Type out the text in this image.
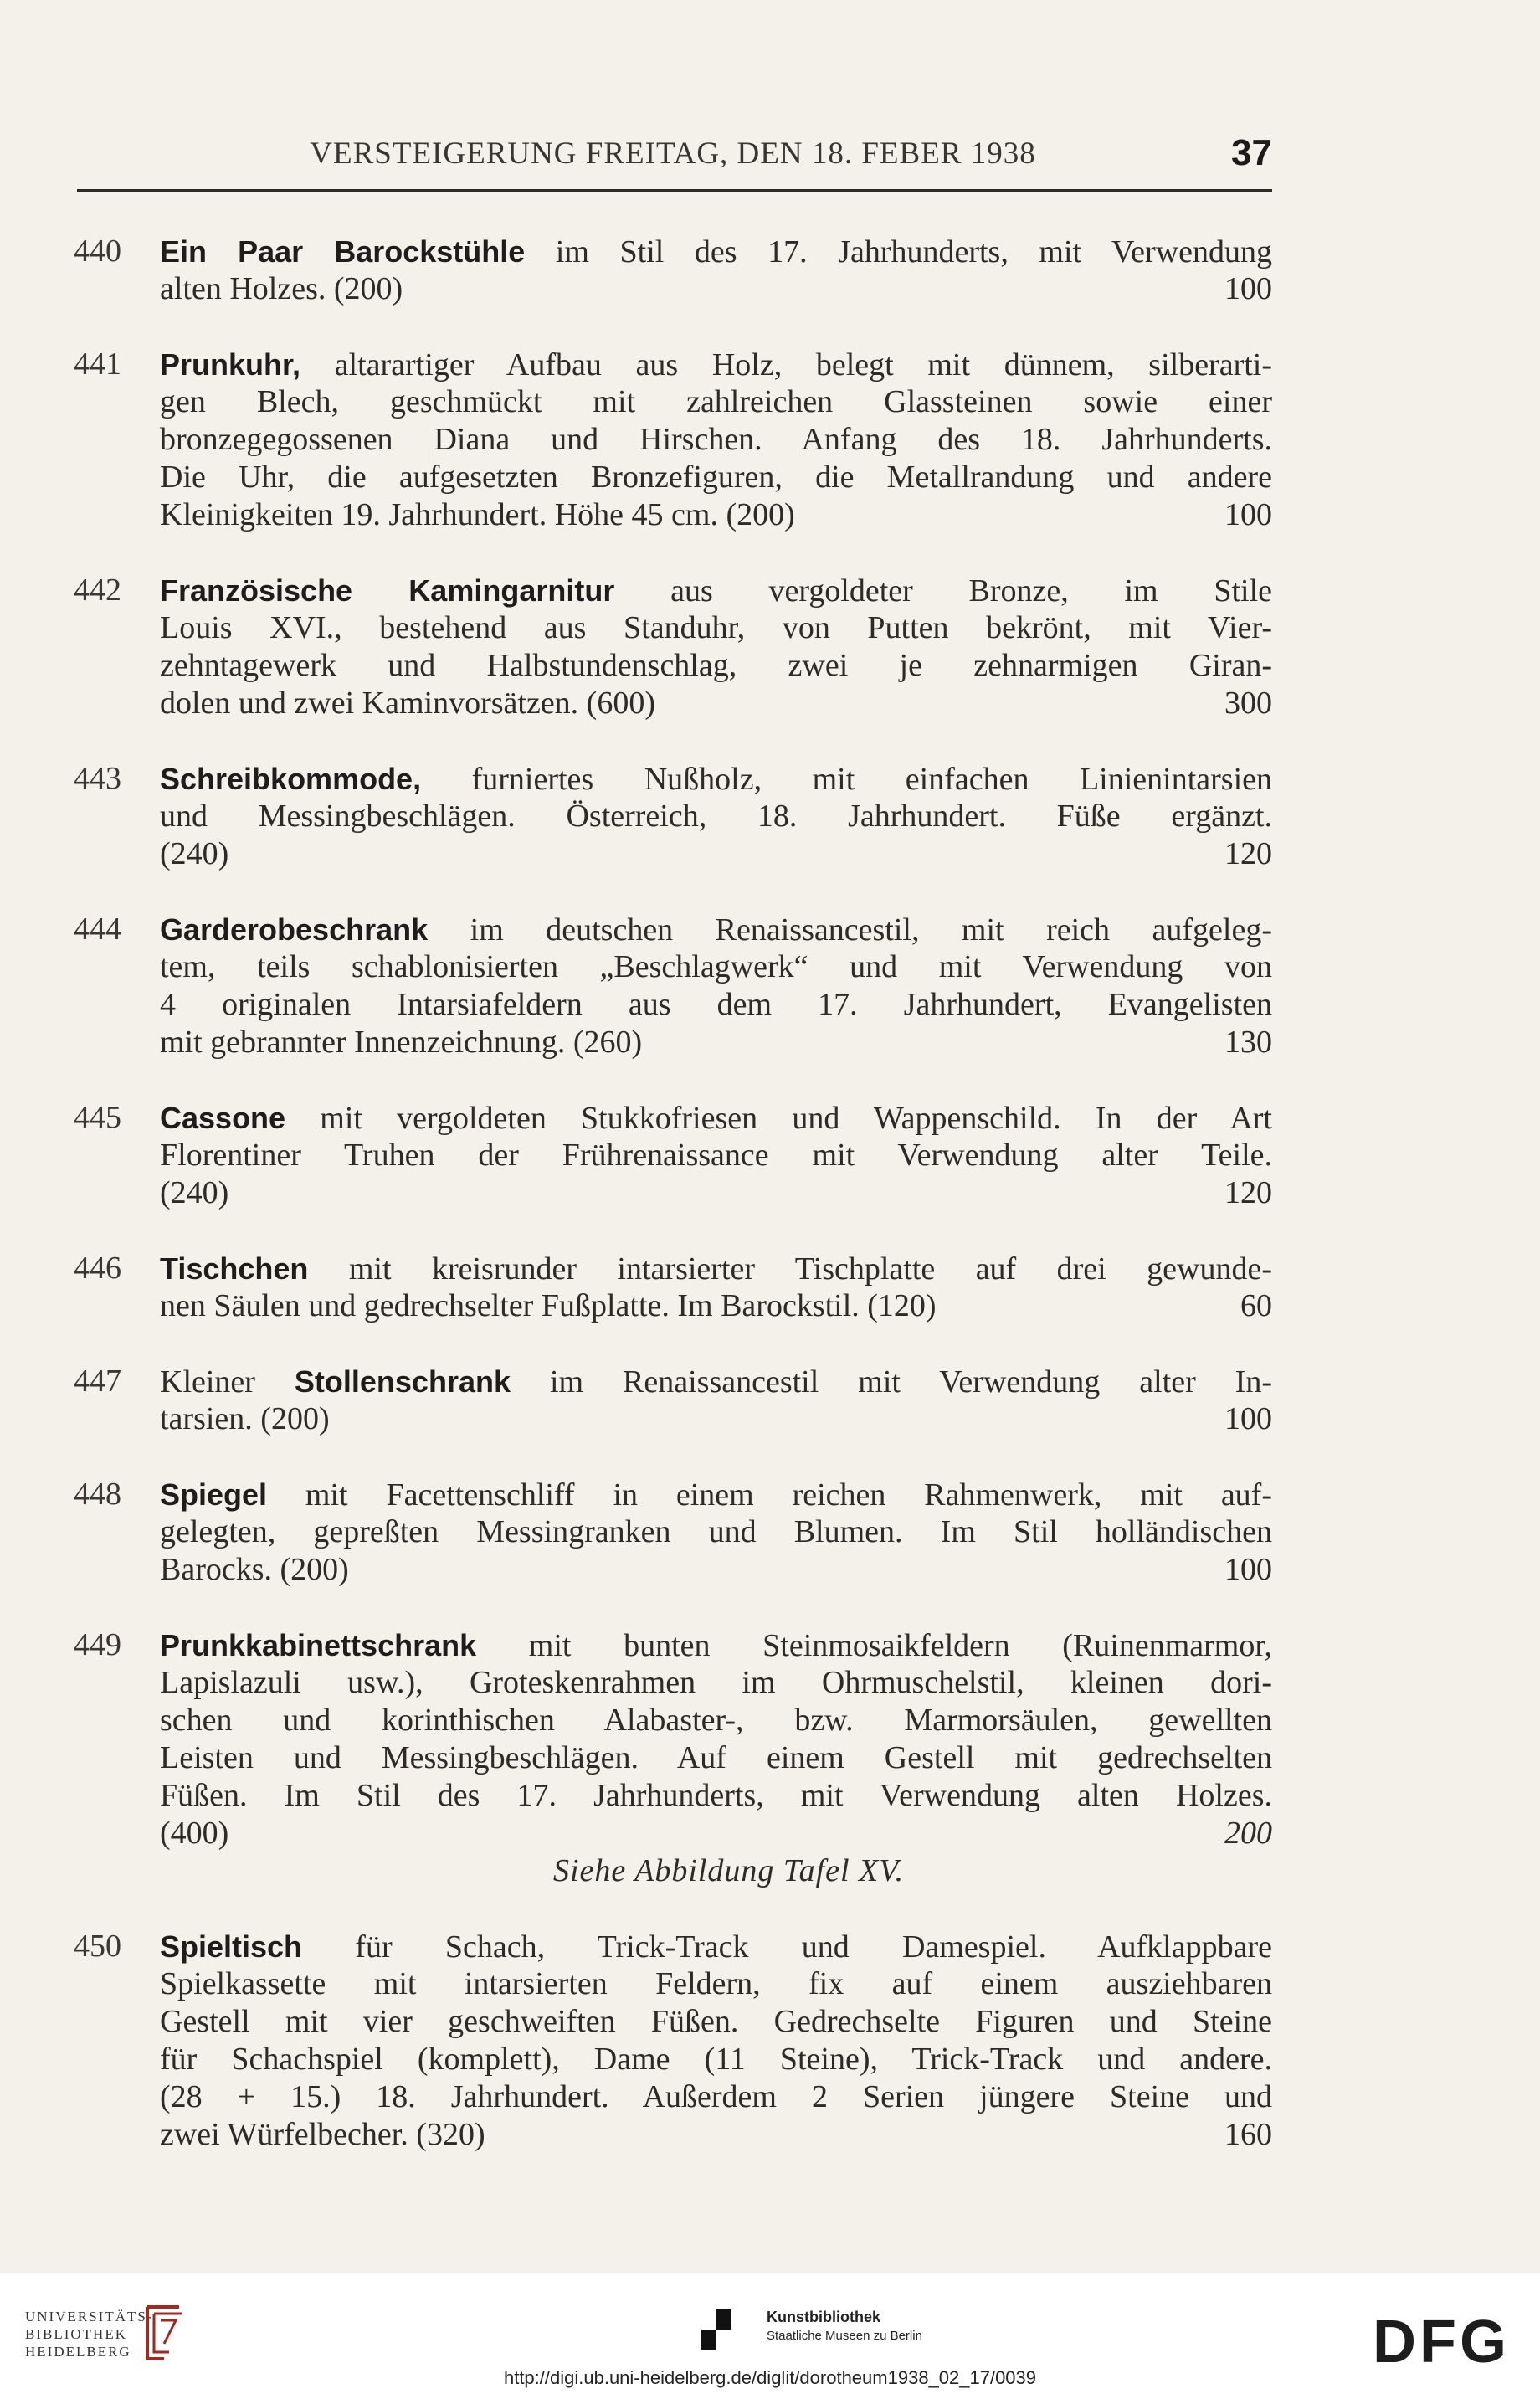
VERSTEIGERUNG FREITAG, DEN 18. FEBER 1938	37
440	Ein Paar Barockstühle im Stil des 17. Jahrhunderts, mit Verwendung
alten Holzes. (200)	100
441	Prunkuhr, altarartiger Aufbau aus Holz, belegt mit dünnem, silberarti-
gen Blech, geschmückt mit zahlreichen Glassteinen sowie einer
bronzegegossenen Diana und Hirschen. Anfang des 18. Jahrhunderts.
Die Uhr, die aufgesetzten Bronzefiguren, die Metallrandung und andere
Kleinigkeiten 19. Jahrhundert. Höhe 45 cm. (200)	100
442	Französische Kamingarnitur aus vergoldeter Bronze, im Stile
Louis XVI., bestehend aus Standuhr, von Putten bekrönt, mit Vier-
zehntagewerk und Halbstundenschlag, zwei je zehnarmigen Giran-
dolen und zwei Kaminvorsätzen. (600)	300
443	Schreibkommode, furniertes Nußholz, mit einfachen Linienintarsien
und Messingbeschlägen. Österreich, 18. Jahrhundert. Füße ergänzt.
(240)	120
444	Garderobeschrank im deutschen Renaissancestil, mit reich aufgeleg-
tem, teils schablonisierten „Beschlagwerk“ und mit Verwendung von
4 originalen Intarsiafeldern aus dem 17. Jahrhundert, Evangelisten
mit gebrannter Innenzeichnung. (260)	130
445	Cassone mit vergoldeten Stukkofriesen und Wappenschild. In der Art
Florentiner Truhen der Frührenaissance mit Verwendung alter Teile.
(240)	120
446	Tischchen mit kreisrunder intarsierter Tischplatte auf drei gewunde-
nen Säulen und gedrechselter Fußplatte. Im Barockstil. (120)	60
447	Kleiner Stollenschrank im Renaissancestil mit Verwendung alter In-
tarsien. (200)	100
448	Spiegel mit Facettenschliff in einem reichen Rahmenwerk, mit auf-
gelegten, gepreßten Messingranken und Blumen. Im Stil holländischen
Barocks. (200)	100
449	Prunkkabinettschrank mit bunten Steinmosaikfeldern (Ruinenmarmor,
Lapislazuli usw.), Groteskenrahmen im Ohrmuschelstil, kleinen dori-
schen und korinthischen Alabaster-, bzw. Marmorsäulen, gewellten
Leisten und Messingbeschlägen. Auf einem Gestell mit gedrechselten
Füßen. Im Stil des 17. Jahrhunderts, mit Verwendung alten Holzes.
(400)	200
Siehe Abbildung Tafel XV.
450	Spieltisch für Schach, Trick-Track und Damespiel. Aufklappbare
Spielkassette mit intarsierten Feldern, fix auf einem ausziehbaren
Gestell mit vier geschweiften Füßen. Gedrechselte Figuren und Steine
für Schachspiel (komplett), Dame (11 Steine), Trick-Track und andere.
(28 + 15.) 18. Jahrhundert. Außerdem 2 Serien jüngere Steine und
zwei Würfelbecher. (320)	160
UNIVERSITÄTS-
BIBLIOTHEK
HEIDELBERG
Kunstbibliothek
Staatliche Museen zu Berlin	DFG
http://digi.ub.uni-heidelberg.de/diglit/dorotheum1938_02_17/0039
